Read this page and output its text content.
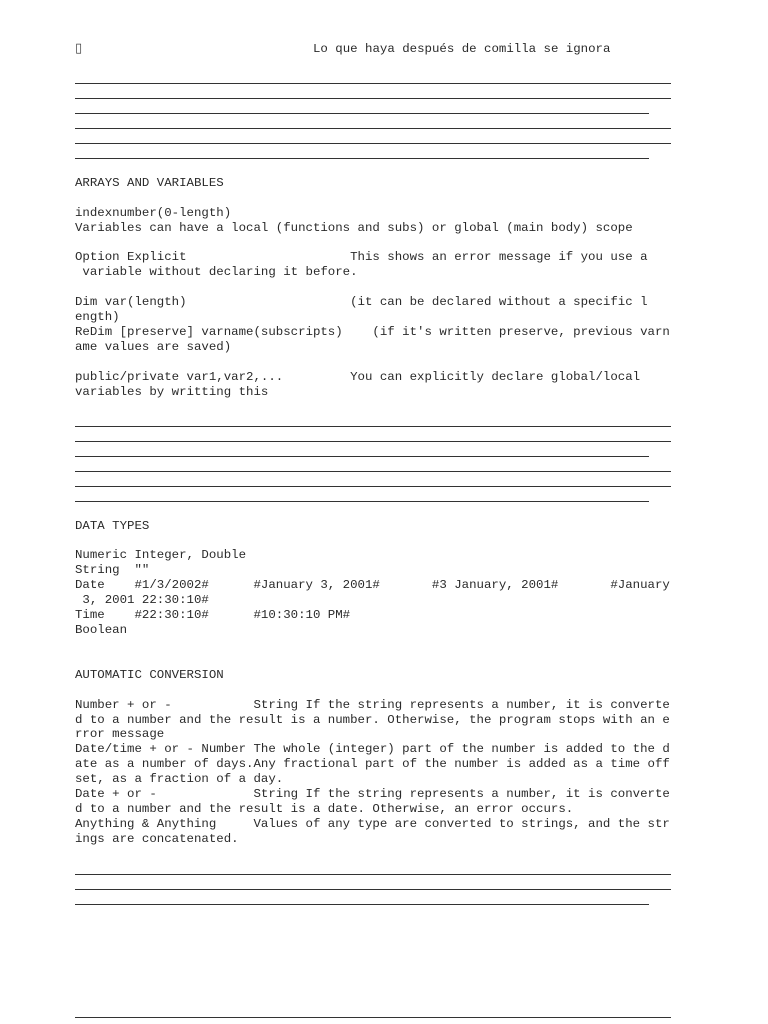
▯	Lo que haya después de comilla se ignora
ARRAYS AND VARIABLES
indexnumber(0-length)
Variables can have a local (functions and subs) or global (main body) scope
Option Explicit                      This shows an error message if you use a
variable without declaring it before.
Dim var(length)                      (it can be declared without a specific l
ength)
ReDim [preserve] varname(subscripts)    (if it's written preserve, previous varn
ame values are saved)
public/private var1,var2,...         You can explicitly declare global/local
variables by writting this
DATA TYPES
Numeric Integer, Double
String  ""
Date    #1/3/2002#      #January 3, 2001#       #3 January, 2001#       #January
3, 2001 22:30:10#
Time    #22:30:10#      #10:30:10 PM#
Boolean
AUTOMATIC CONVERSION
Number + or -           String If the string represents a number, it is converte
d to a number and the result is a number. Otherwise, the program stops with an e
rror message
Date/time + or - Number The whole (integer) part of the number is added to the d
ate as a number of days.Any fractional part of the number is added as a time off
set, as a fraction of a day.
Date + or -             String If the string represents a number, it is converte
d to a number and the result is a date. Otherwise, an error occurs.
Anything & Anything     Values of any type are converted to strings, and the str
ings are concatenated.
